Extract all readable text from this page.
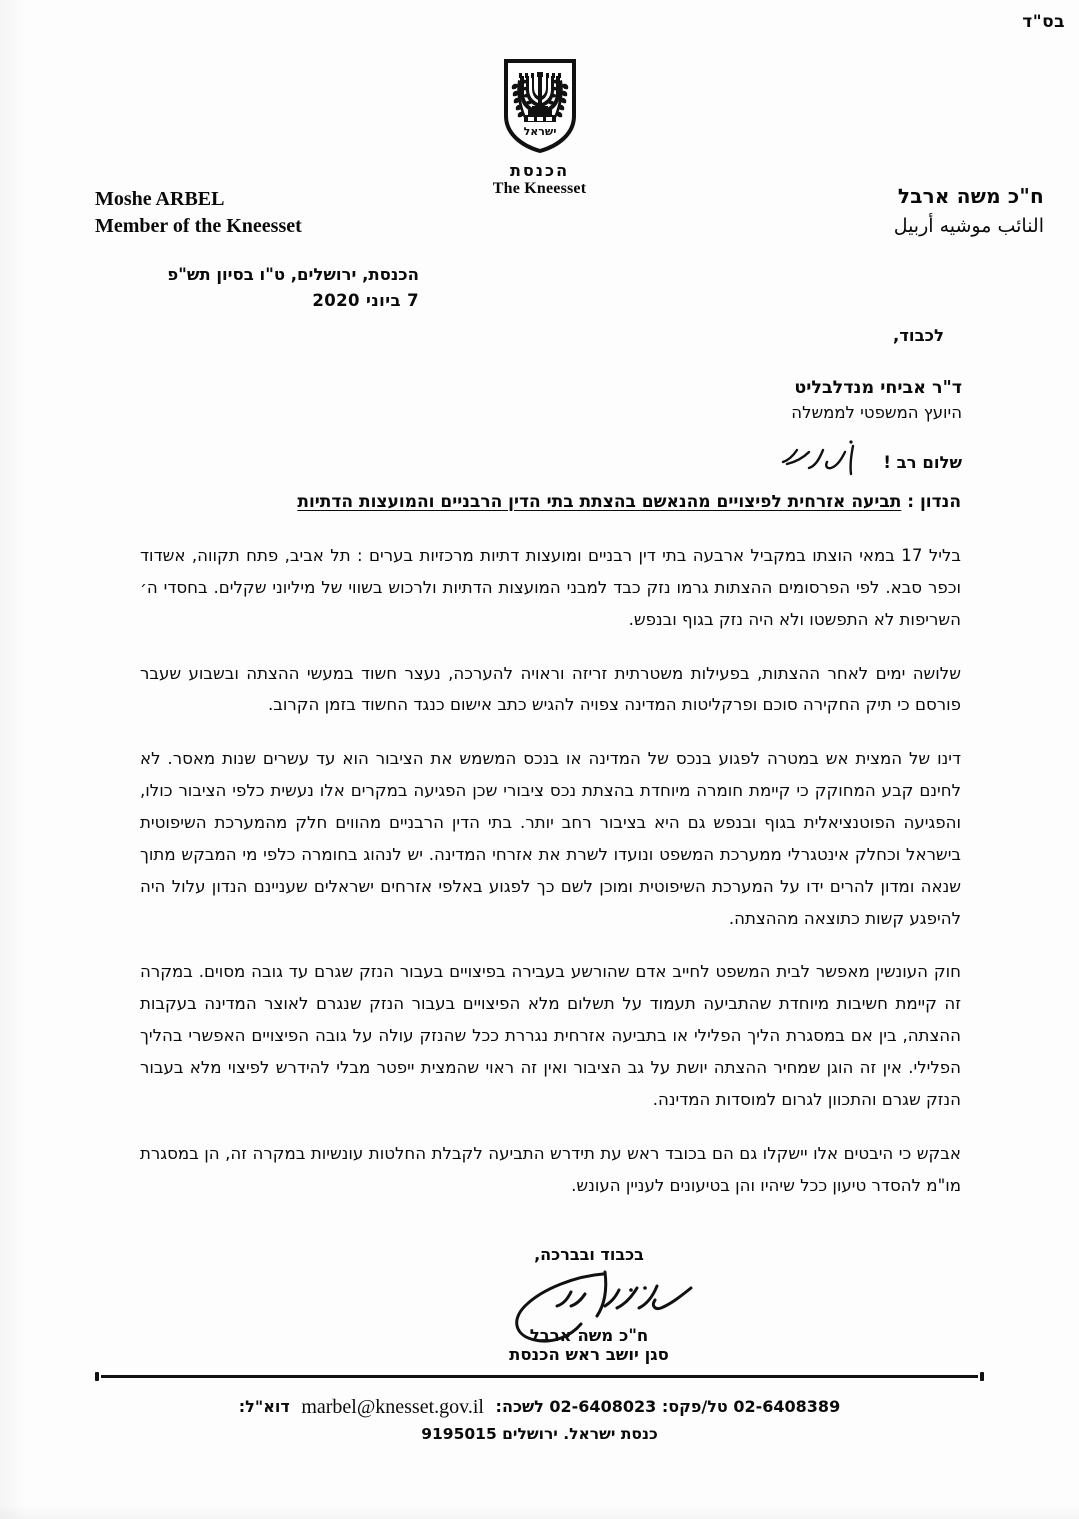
בס"ד
ישראל
הכנסת
The Kneesset
Moshe ARBEL
Member of the Kneesset
ח"כ משה ארבל
النائب موشيه أربيل
הכנסת, ירושלים, ט"ו בסיון תש"פ
7 ביוני 2020
לכבוד,
ד"ר אביחי מנדלבליט
היועץ המשפטי לממשלה
שלום רב !
הנדון : תביעה אזרחית לפיצויים מהנאשם בהצתת בתי הדין הרבניים והמועצות הדתיות

בליל 17 במאי הוצתו במקביל ארבעה בתי דין רבניים ומועצות דתיות מרכזיות בערים : תל אביב, פתח תקווה, אשדוד וכפר סבא. לפי הפרסומים ההצתות גרמו נזק כבד למבני המועצות הדתיות ולרכוש בשווי של מיליוני שקלים. בחסדי ה׳ השריפות לא התפשטו ולא היה נזק בגוף ובנפש.

שלושה ימים לאחר ההצתות, בפעילות משטרתית זריזה וראויה להערכה, נעצר חשוד במעשי ההצתה ובשבוע שעבר פורסם כי תיק החקירה סוכם ופרקליטות המדינה צפויה להגיש כתב אישום כנגד החשוד בזמן הקרוב.

דינו של המצית אש במטרה לפגוע בנכס של המדינה או בנכס המשמש את הציבור הוא עד עשרים שנות מאסר. לא לחינם קבע המחוקק כי קיימת חומרה מיוחדת בהצתת נכס ציבורי שכן הפגיעה במקרים אלו נעשית כלפי הציבור כולו, והפגיעה הפוטנציאלית בגוף ובנפש גם היא בציבור רחב יותר. בתי הדין הרבניים מהווים חלק מהמערכת השיפוטית בישראל וכחלק אינטגרלי ממערכת המשפט ונועדו לשרת את אזרחי המדינה. יש לנהוג בחומרה כלפי מי המבקש מתוך שנאה ומדון להרים ידו על המערכת השיפוטית ומוכן לשם כך לפגוע באלפי אזרחים ישראלים שעניינם הנדון עלול היה להיפגע קשות כתוצאה מההצתה.

חוק העונשין מאפשר לבית המשפט לחייב אדם שהורשע בעבירה בפיצויים בעבור הנזק שגרם עד גובה מסוים. במקרה זה קיימת חשיבות מיוחדת שהתביעה תעמוד על תשלום מלא הפיצויים בעבור הנזק שנגרם לאוצר המדינה בעקבות ההצתה, בין אם במסגרת הליך הפלילי או בתביעה אזרחית נגררת ככל שהנזק עולה על גובה הפיצויים האפשרי בהליך הפלילי. אין זה הוגן שמחיר ההצתה יושת על גב הציבור ואין זה ראוי שהמצית ייפטר מבלי להידרש לפיצוי מלא בעבור הנזק שגרם והתכוון לגרום למוסדות המדינה.

אבקש כי היבטים אלו יישקלו גם הם בכובד ראש עת תידרש התביעה לקבלת החלטות עונשיות במקרה זה, הן במסגרת מו"מ להסדר טיעון ככל שיהיו והן בטיעונים לעניין העונש.

בכבוד ובברכה,
ח"כ משה ארבל
סגן יושב ראש הכנסת
02-6408389 טל/פקס: 02-6408023 לשכה: marbel@knesset.gov.il דוא"ל:
כנסת ישראל. ירושלים 9195015
